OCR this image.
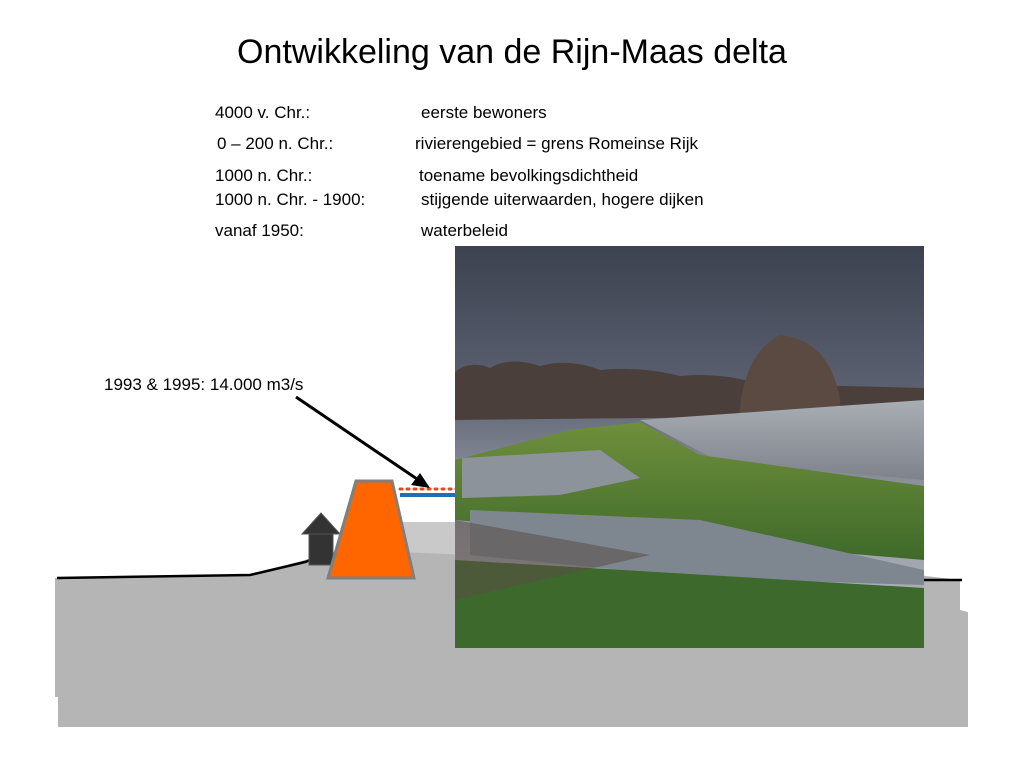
Ontwikkeling van de Rijn-Maas delta
4000 v. Chr.:	eerste bewoners
0 – 200 n. Chr.:	rivierengebied = grens Romeinse Rijk
1000 n. Chr.:	toename bevolkingsdichtheid
1000 n. Chr. - 1900:	stijgende uiterwaarden, hogere dijken
vanaf 1950:	waterbeleid
1993 & 1995: 14.000 m3/s
